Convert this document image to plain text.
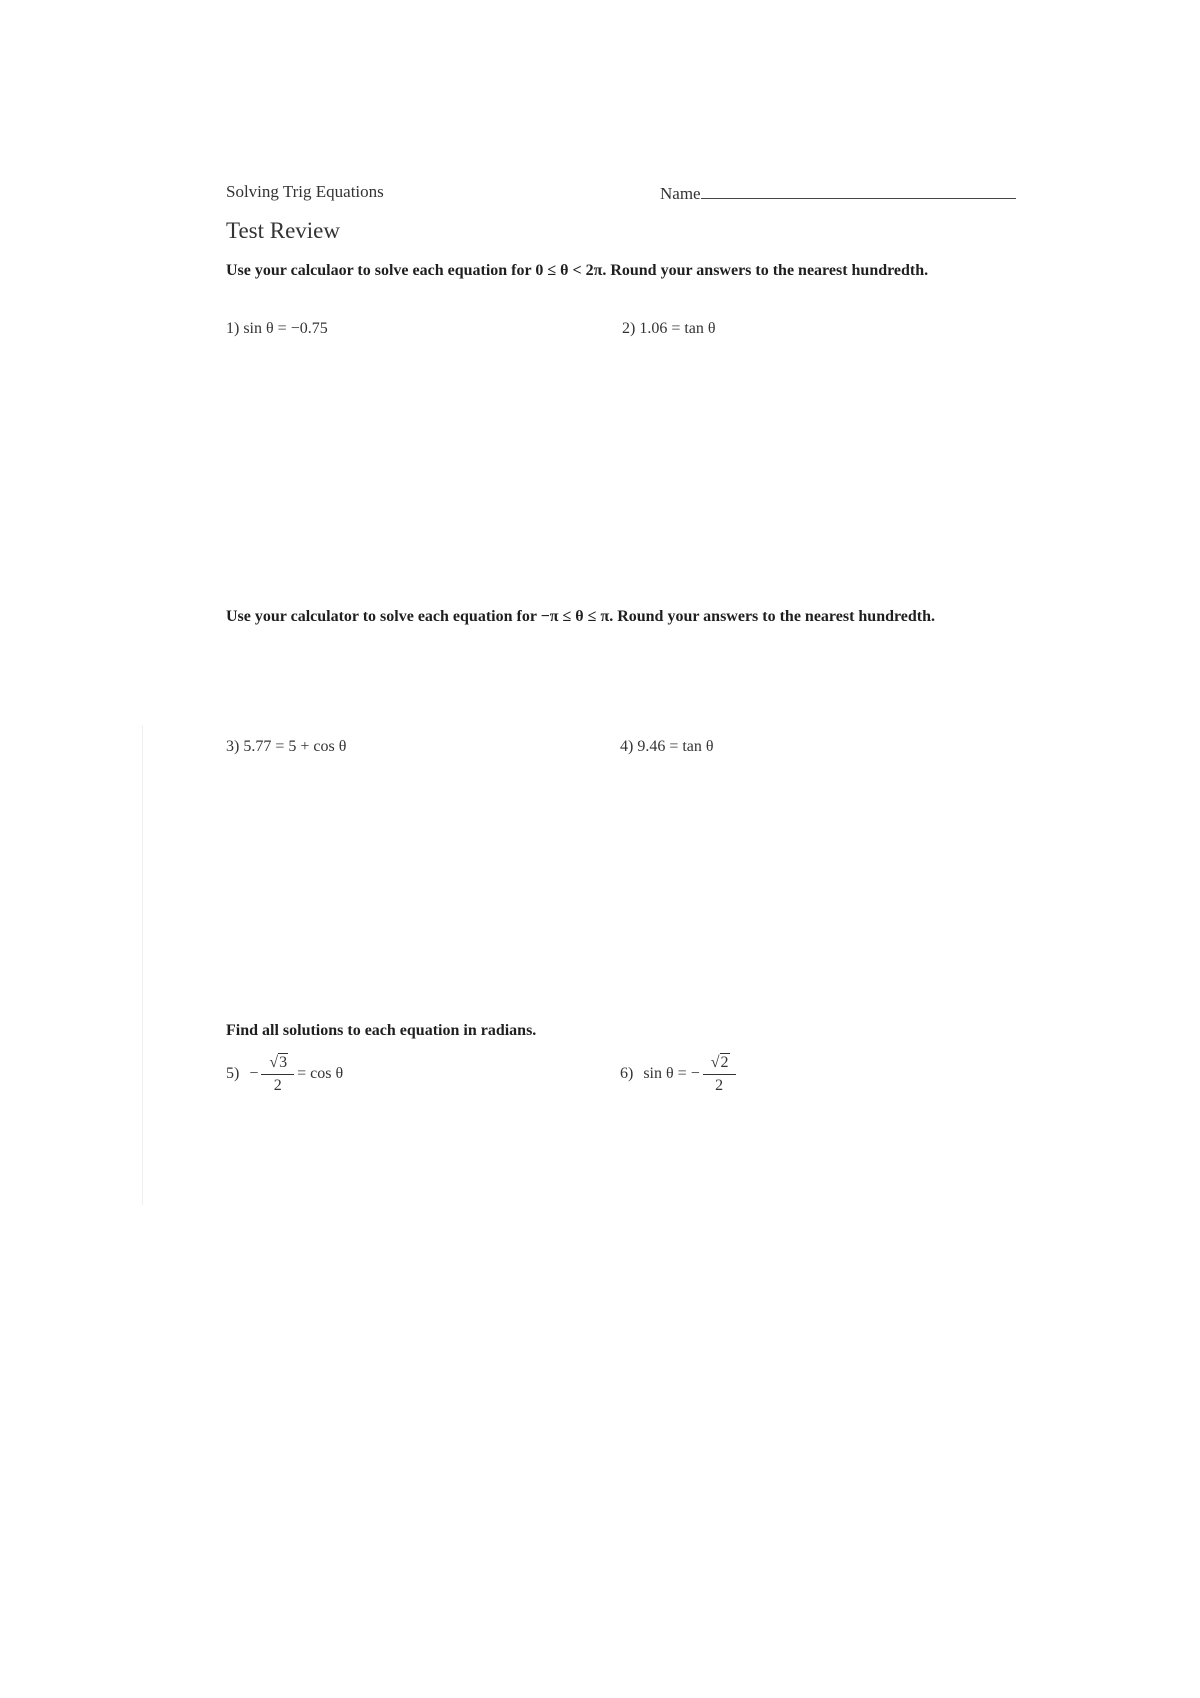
Solving Trig Equations	Name
Test Review
Use your calculaor to solve each equation for 0 ≤ θ < 2π. Round your answers to the nearest hundredth.
1) sin θ = −0.75	2) 1.06 = tan θ
Use your calculator to solve each equation for −π ≤ θ ≤ π. Round your answers to the nearest hundredth.
3) 5.77 = 5 + cos θ	4) 9.46 = tan θ
Find all solutions to each equation in radians.
$5) - \frac{√3}{2} = \cos \theta$	6) sin θ = − $\frac{√2}{2}$
